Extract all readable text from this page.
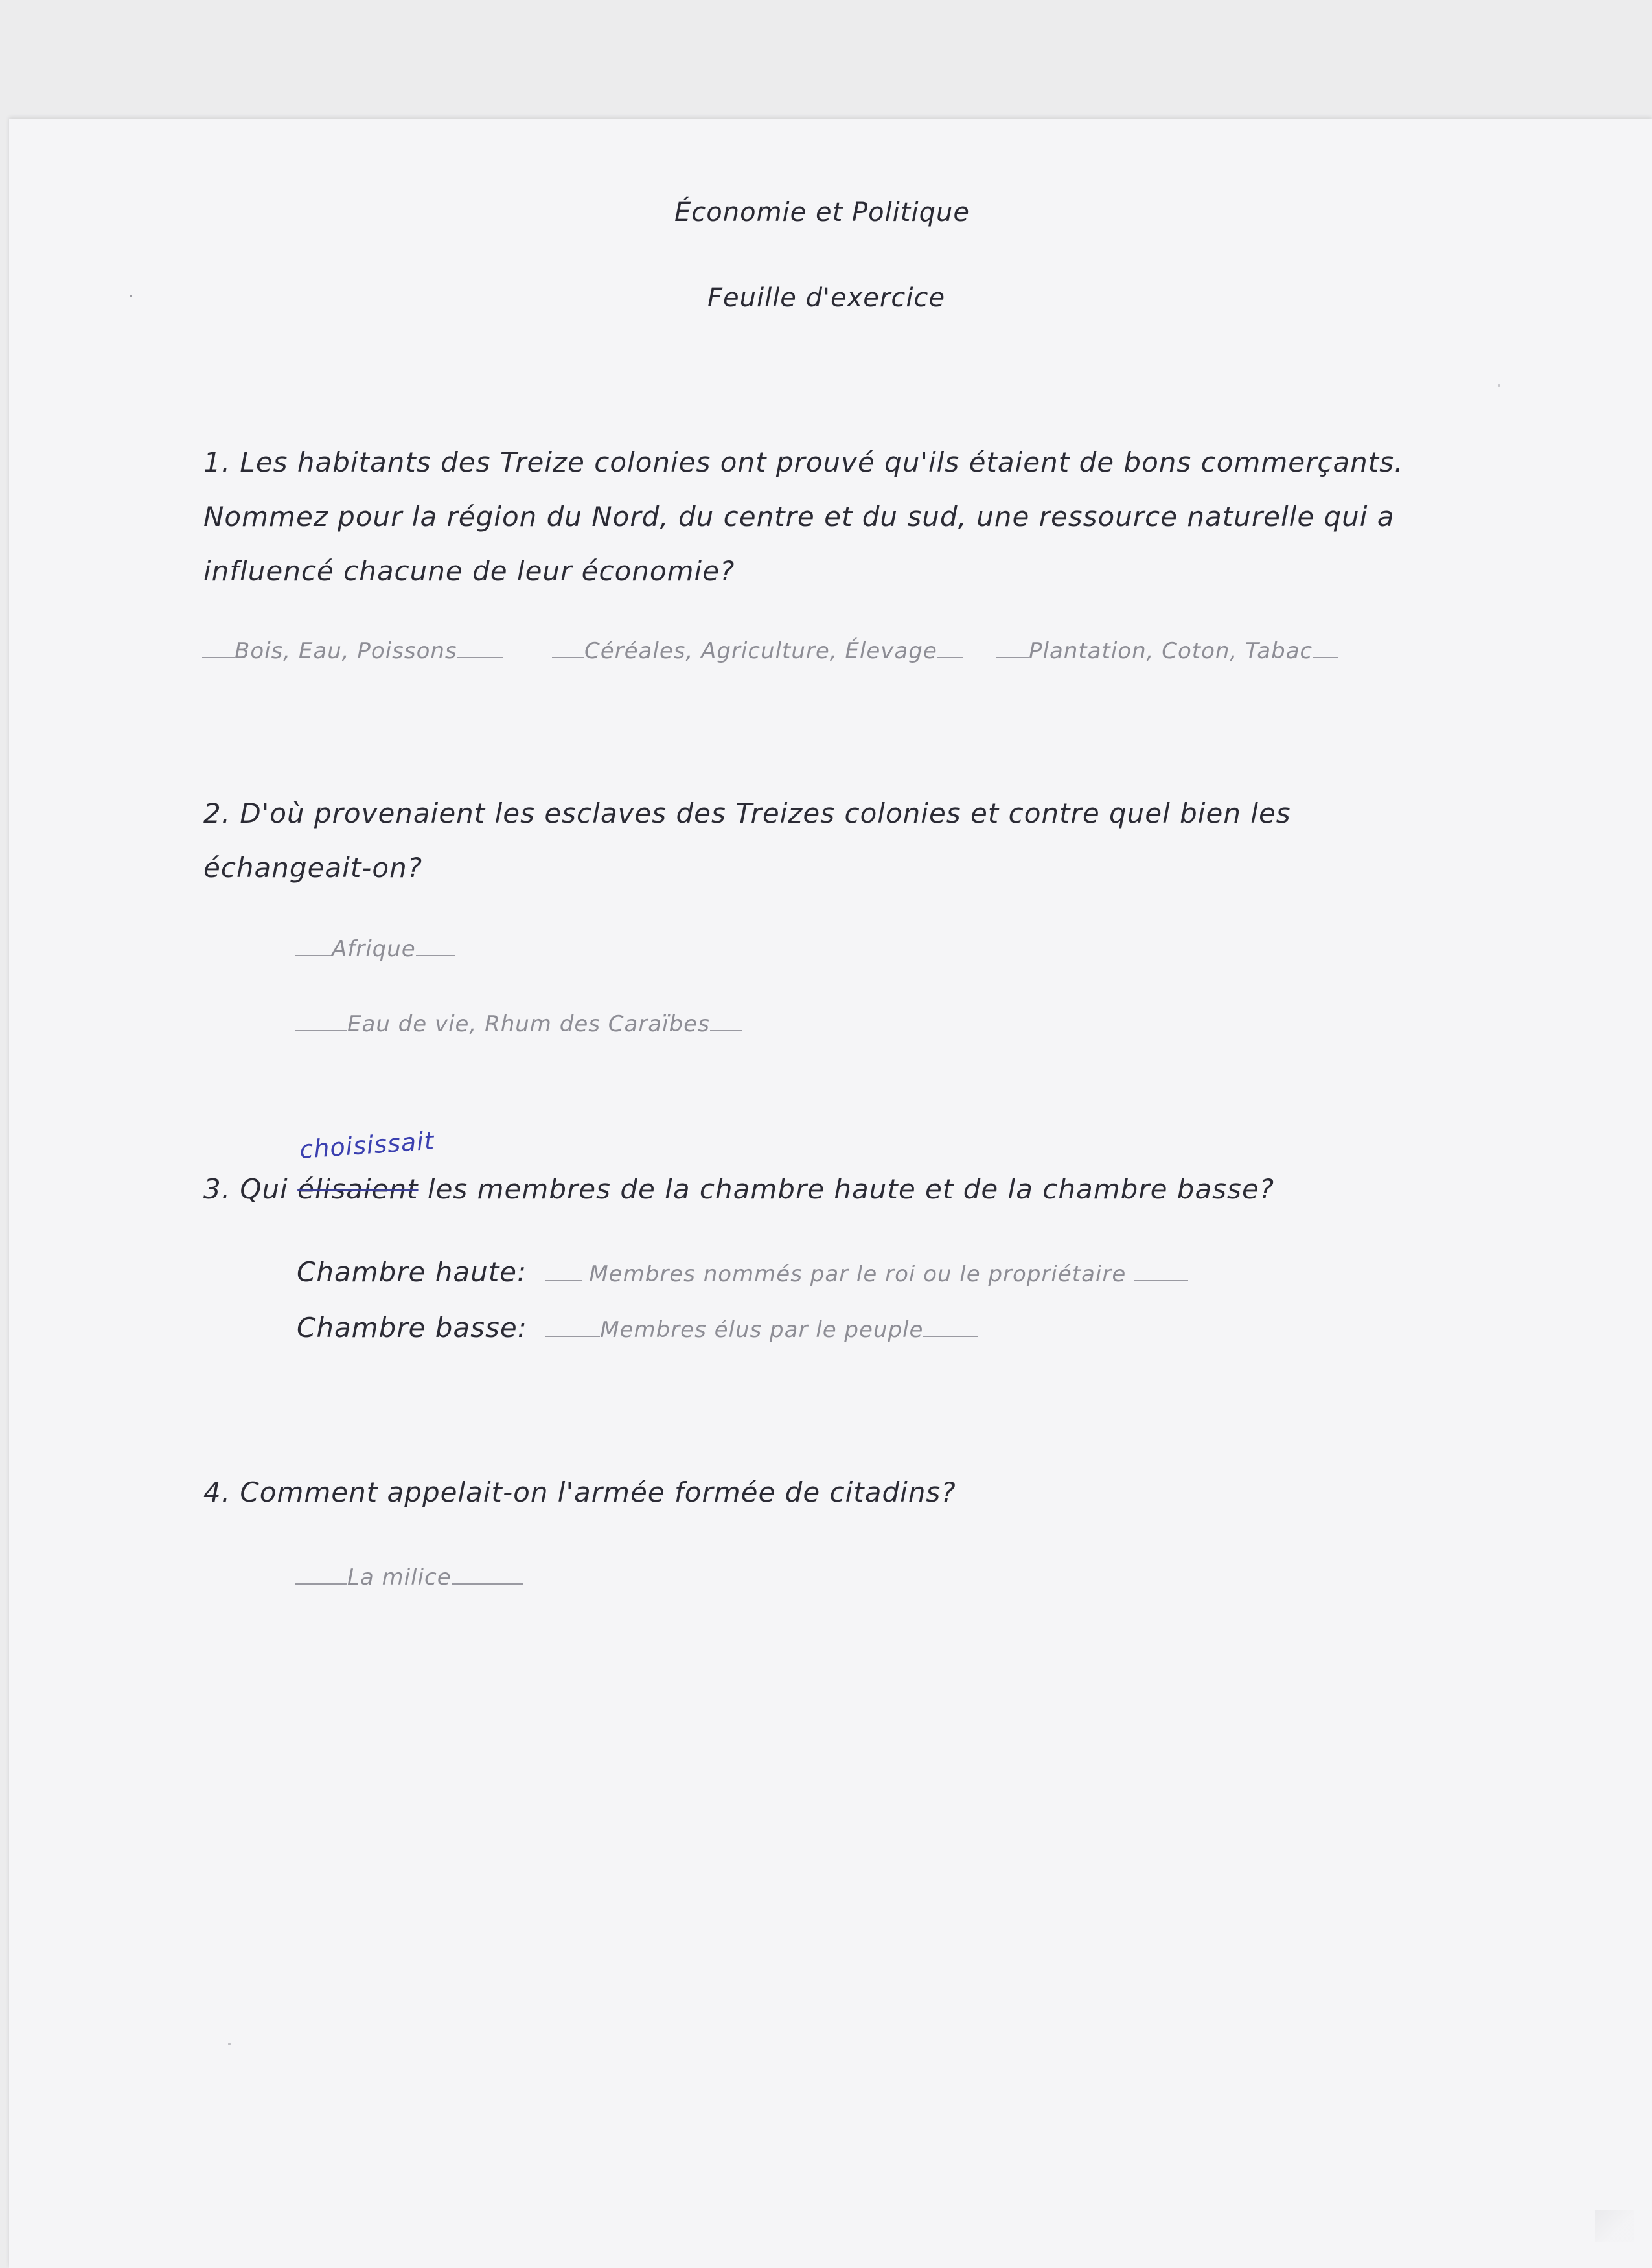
Économie et Politique
Feuille d'exercice
1. Les habitants des Treize colonies ont prouvé qu'ils étaient de bons commerçants.
Nommez pour la région du Nord, du centre et du sud, une ressource naturelle qui a
influencé chacune de leur économie?
Bois, Eau, Poissons	Céréales, Agriculture, Élevage	Plantation, Coton, Tabac
2. D'où provenaient les esclaves des Treizes colonies et contre quel bien les
échangeait-on?
Afrique
Eau de vie, Rhum des Caraïbes
choisissait
3. Qui élisaient les membres de la chambre haute et de la chambre basse?
Chambre haute:	Membres nommés par le roi ou le propriétaire
Chambre basse:	Membres élus par le peuple
4. Comment appelait-on l'armée formée de citadins?
La milice
